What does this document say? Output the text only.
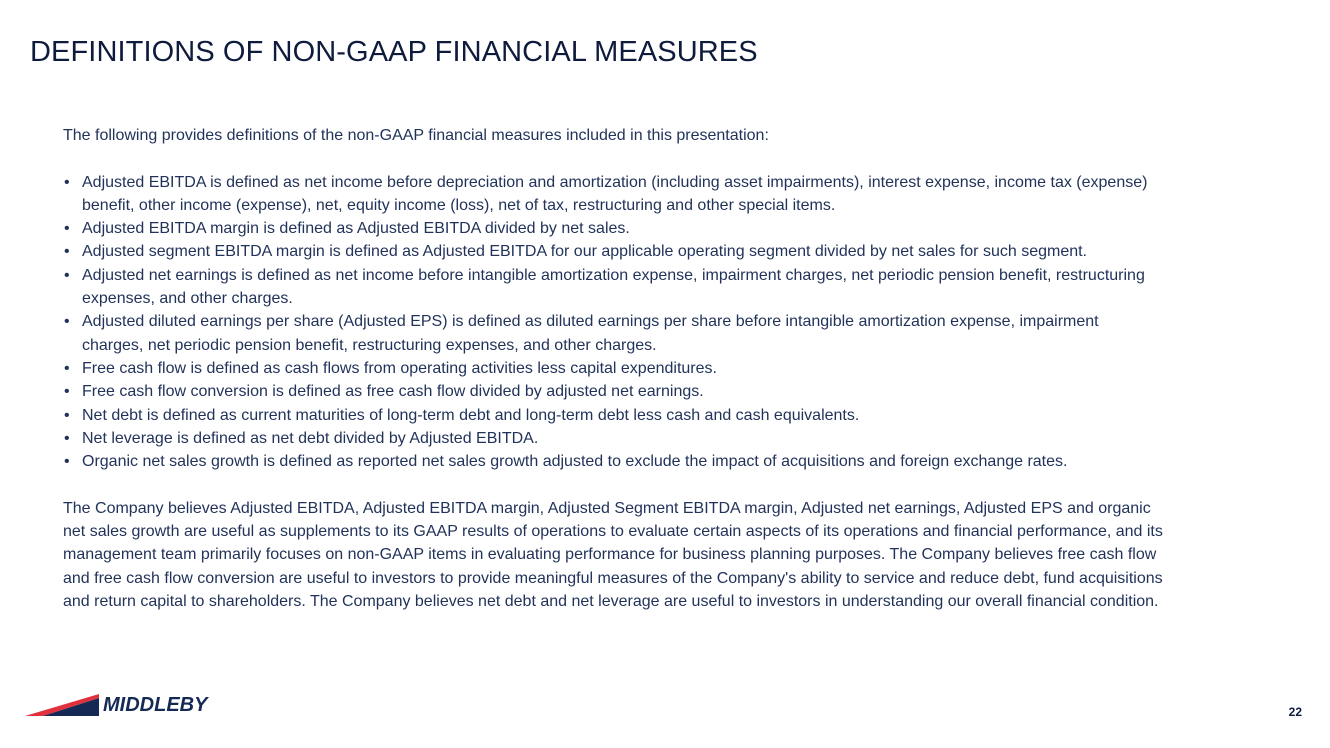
DEFINITIONS OF NON-GAAP FINANCIAL MEASURES

The following provides definitions of the non-GAAP financial measures included in this presentation:

• Adjusted EBITDA is defined as net income before depreciation and amortization (including asset impairments), interest expense, income tax (expense) benefit, other income (expense), net, equity income (loss), net of tax, restructuring and other special items.
• Adjusted EBITDA margin is defined as Adjusted EBITDA divided by net sales.
• Adjusted segment EBITDA margin is defined as Adjusted EBITDA for our applicable operating segment divided by net sales for such segment.
• Adjusted net earnings is defined as net income before intangible amortization expense, impairment charges, net periodic pension benefit, restructuring expenses, and other charges.
• Adjusted diluted earnings per share (Adjusted EPS) is defined as diluted earnings per share before intangible amortization expense, impairment charges, net periodic pension benefit, restructuring expenses, and other charges.
• Free cash flow is defined as cash flows from operating activities less capital expenditures.
• Free cash flow conversion is defined as free cash flow divided by adjusted net earnings.
• Net debt is defined as current maturities of long-term debt and long-term debt less cash and cash equivalents.
• Net leverage is defined as net debt divided by Adjusted EBITDA.
• Organic net sales growth is defined as reported net sales growth adjusted to exclude the impact of acquisitions and foreign exchange rates.

The Company believes Adjusted EBITDA, Adjusted EBITDA margin, Adjusted Segment EBITDA margin, Adjusted net earnings, Adjusted EPS and organic net sales growth are useful as supplements to its GAAP results of operations to evaluate certain aspects of its operations and financial performance, and its management team primarily focuses on non-GAAP items in evaluating performance for business planning purposes. The Company believes free cash flow and free cash flow conversion are useful to investors to provide meaningful measures of the Company's ability to service and reduce debt, fund acquisitions and return capital to shareholders. The Company believes net debt and net leverage are useful to investors in understanding our overall financial condition.

MIDDLEBY	22
